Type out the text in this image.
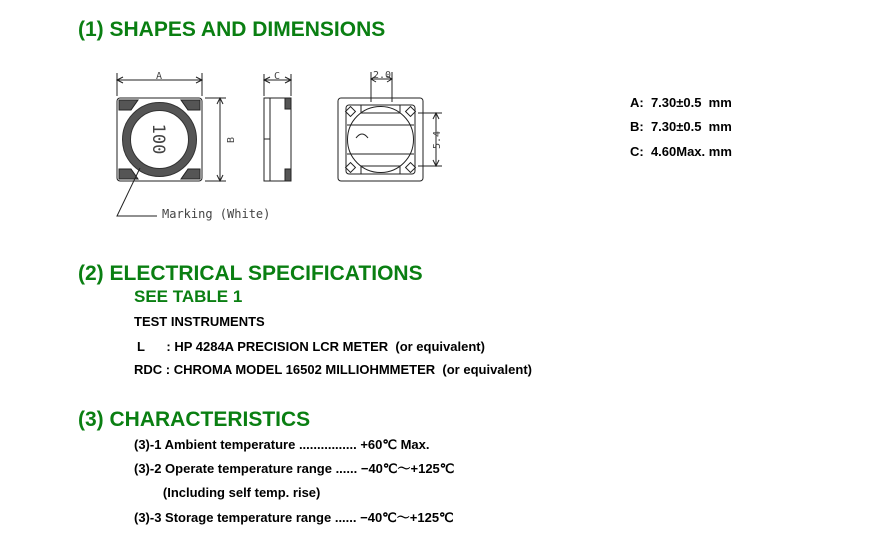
(1) SHAPES AND DIMENSIONS
A
B
100
C	2.0
5.4
Marking (White)
A:  7.30±0.5  mm
B:  7.30±0.5  mm
C:  4.60Max. mm
(2) ELECTRICAL SPECIFICATIONS
SEE TABLE 1
TEST INSTRUMENTS
L      : HP 4284A PRECISION LCR METER  (or equivalent)
RDC : CHROMA MODEL 16502 MILLIOHMMETER  (or equivalent)
(3) CHARACTERISTICS
(3)-1 Ambient temperature ................ +60℃ Max.
(3)-2 Operate temperature range ...... −40℃～+125℃
(Including self temp. rise)
(3)-3 Storage temperature range ...... −40℃～+125℃
